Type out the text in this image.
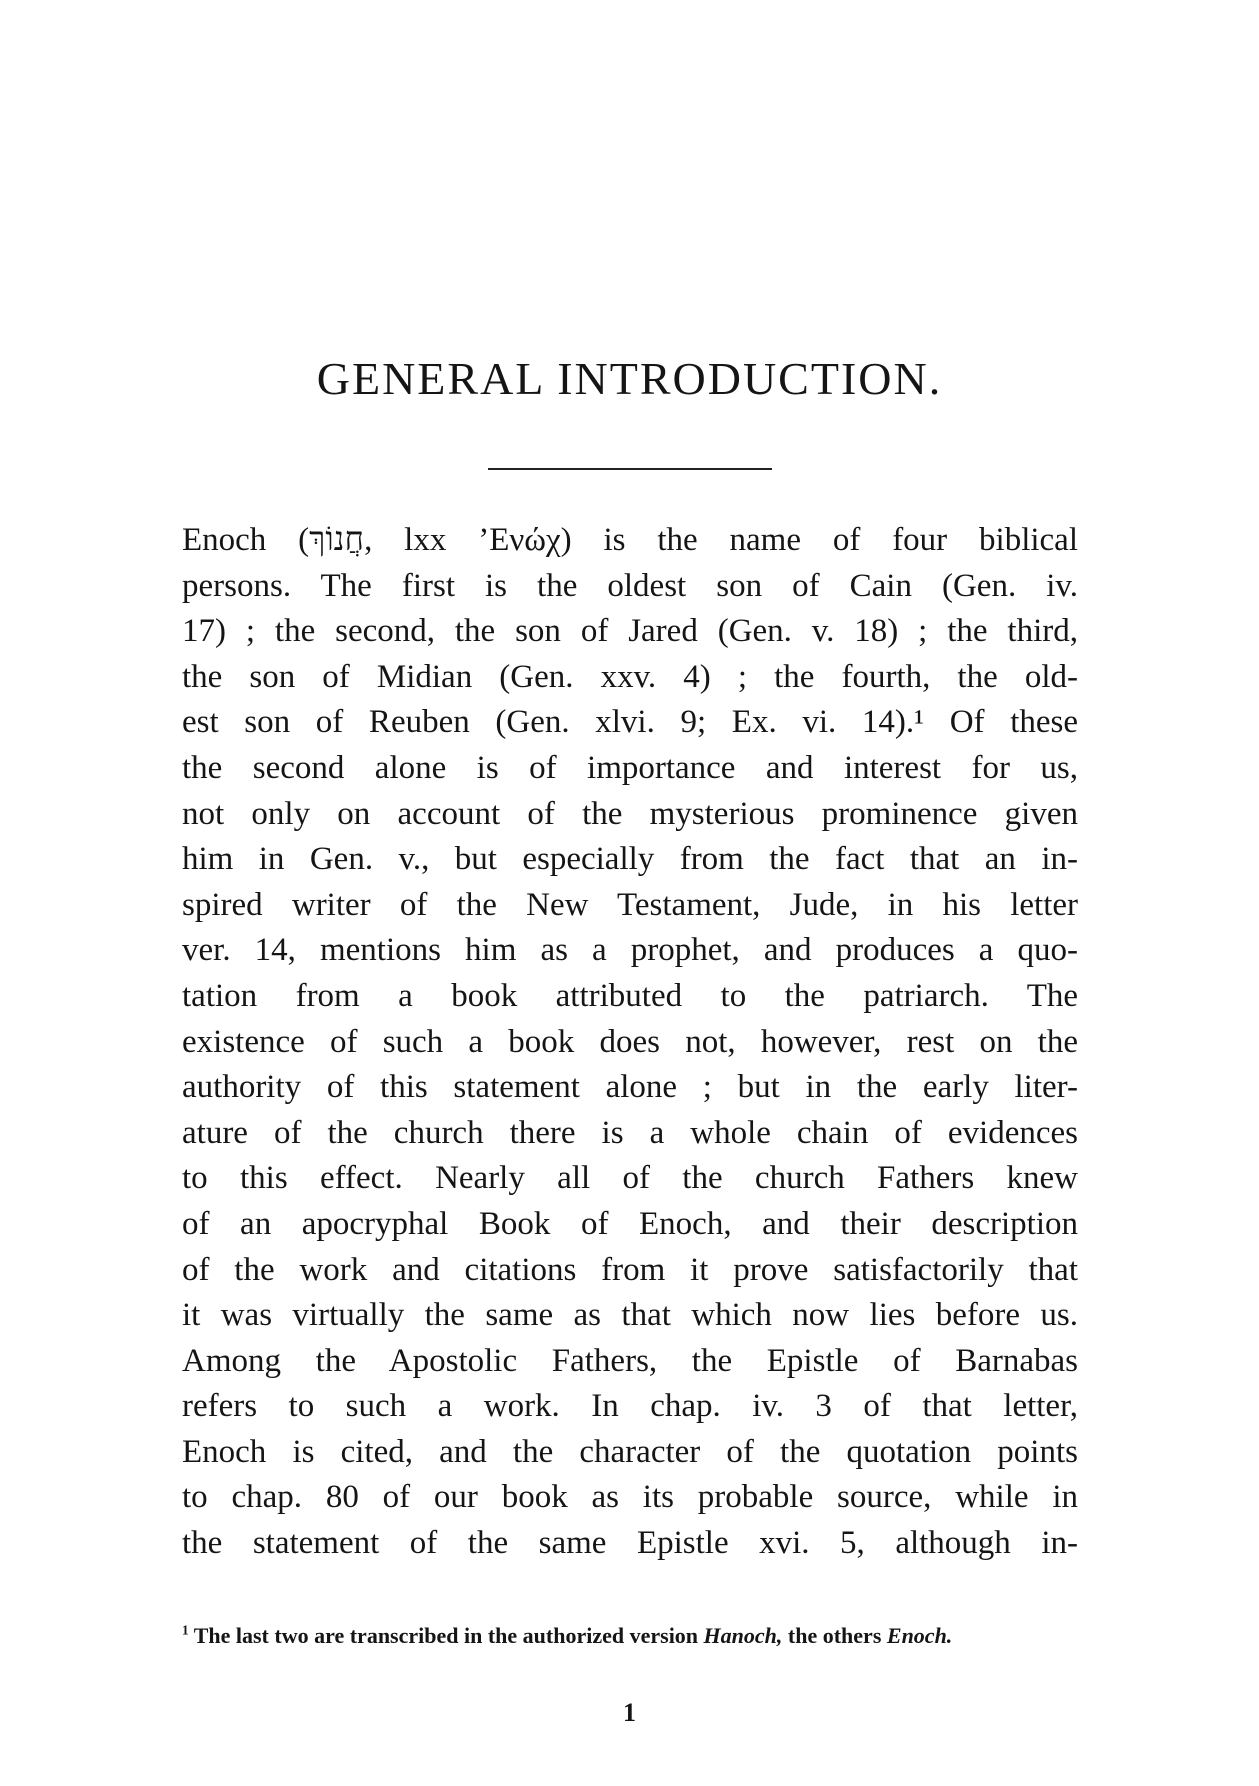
GENERAL INTRODUCTION.
Enoch (חֲנוֹךְ, lxx ’Ενώχ) is the name of four biblical
persons. The first is the oldest son of Cain (Gen. iv.
17) ; the second, the son of Jared (Gen. v. 18) ; the third,
the son of Midian (Gen. xxv. 4) ; the fourth, the old-
est son of Reuben (Gen. xlvi. 9; Ex. vi. 14).¹ Of these
the second alone is of importance and interest for us,
not only on account of the mysterious prominence given
him in Gen. v., but especially from the fact that an in-
spired writer of the New Testament, Jude, in his letter
ver. 14, mentions him as a prophet, and produces a quo-
tation from a book attributed to the patriarch. The
existence of such a book does not, however, rest on the
authority of this statement alone ; but in the early liter-
ature of the church there is a whole chain of evidences
to this effect. Nearly all of the church Fathers knew
of an apocryphal Book of Enoch, and their description
of the work and citations from it prove satisfactorily that
it was virtually the same as that which now lies before us.
Among the Apostolic Fathers, the Epistle of Barnabas
refers to such a work. In chap. iv. 3 of that letter,
Enoch is cited, and the character of the quotation points
to chap. 80 of our book as its probable source, while in
the statement of the same Epistle xvi. 5, although in-
$^1$ The last two are transcribed in the authorized version Hanoch, the others Enoch.
1
